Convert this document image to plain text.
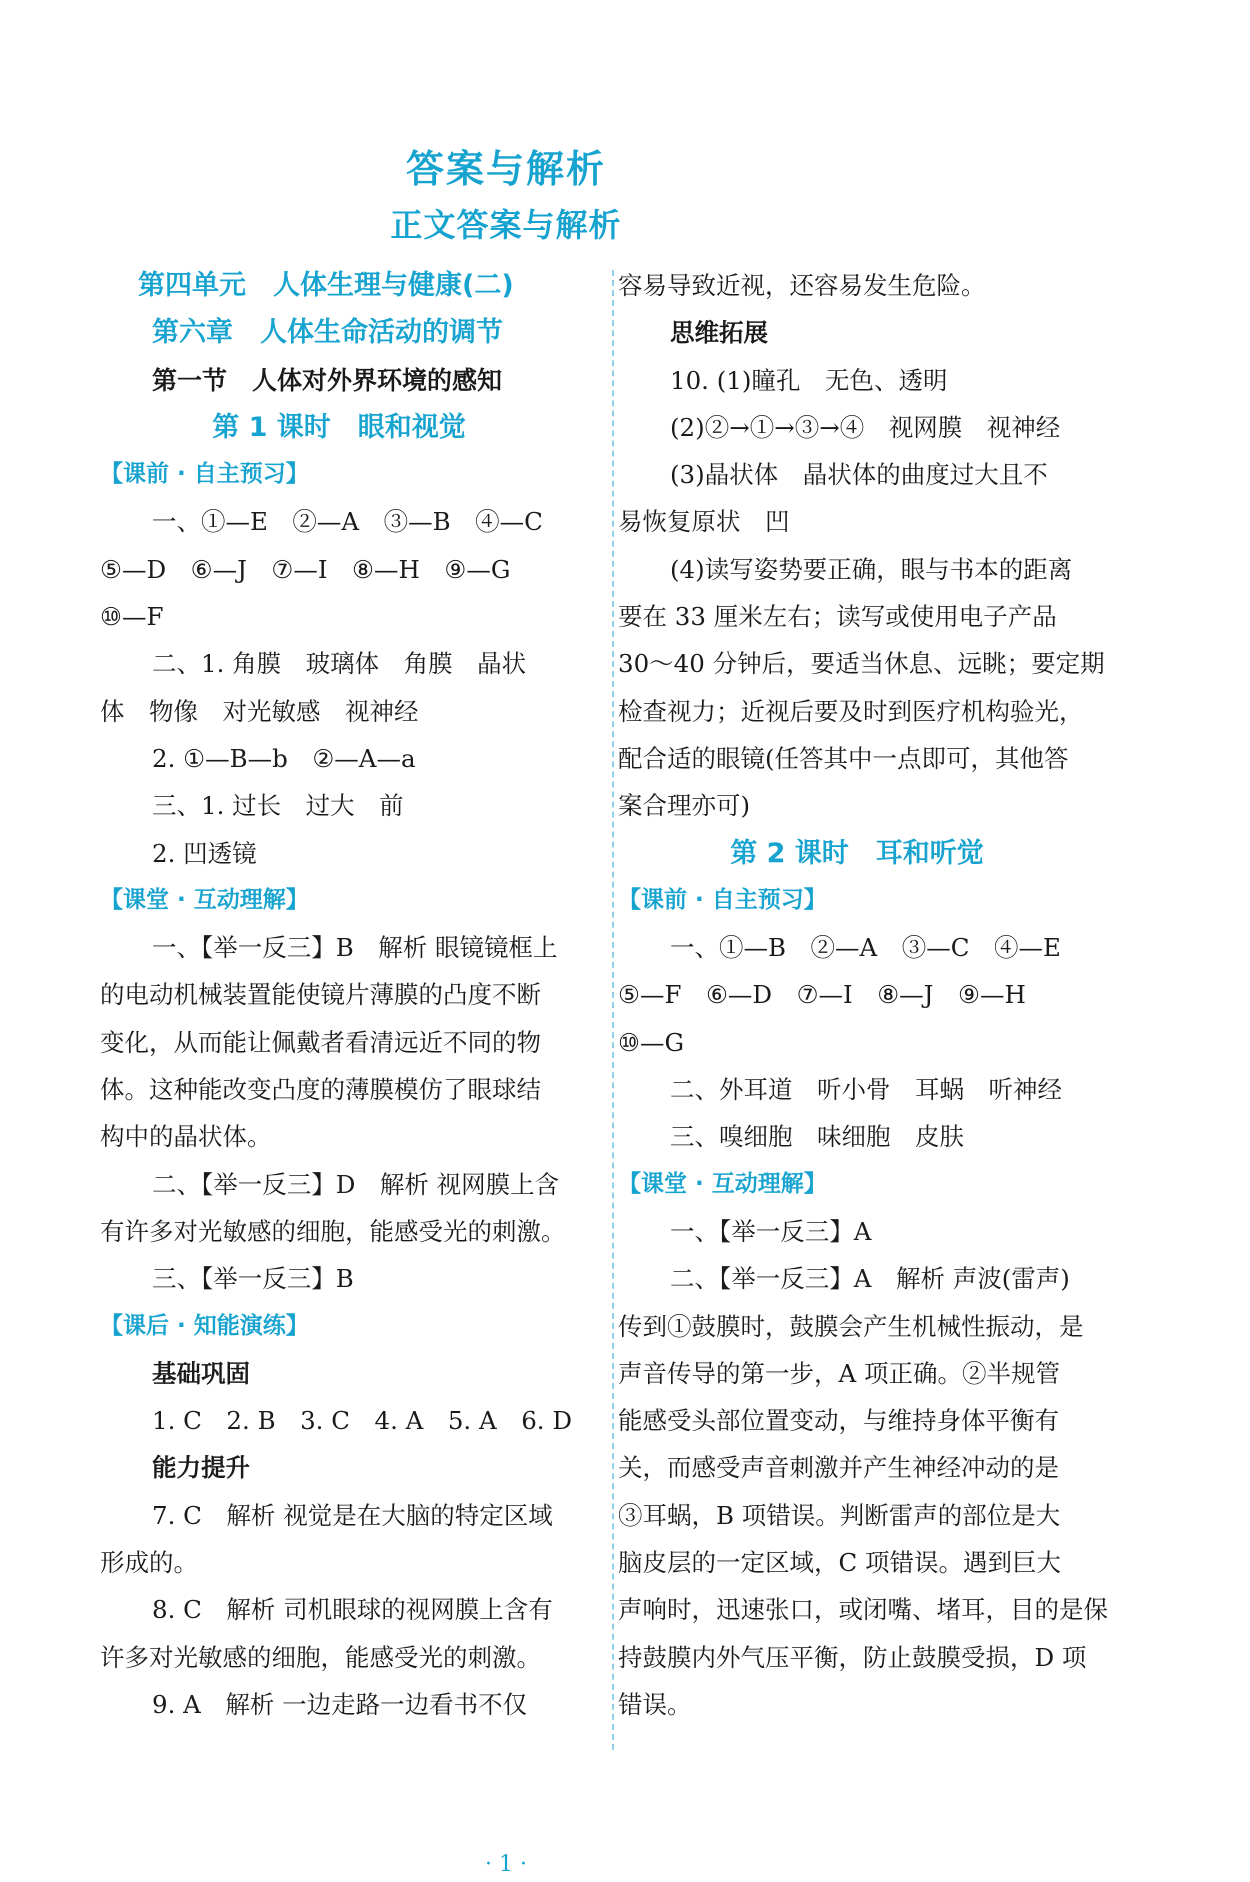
答案与解析
正文答案与解析
第四单元　人体生理与健康(二)
第六章　人体生命活动的调节
第一节　人体对外界环境的感知
第 1 课时　眼和视觉
【课前 · 自主预习】
一、①—E　②—A　③—B　④—C
⑤—D　⑥—J　⑦—I　⑧—H　⑨—G
⑩—F
二、1. 角膜　玻璃体　角膜　晶状
体　物像　对光敏感　视神经
2. ①—B—b　②—A—a
三、1. 过长　过大　前
2. 凹透镜
【课堂 · 互动理解】
一、【举一反三】B　解析 眼镜镜框上
的电动机械装置能使镜片薄膜的凸度不断
变化，从而能让佩戴者看清远近不同的物
体。这种能改变凸度的薄膜模仿了眼球结
构中的晶状体。
二、【举一反三】D　解析 视网膜上含
有许多对光敏感的细胞，能感受光的刺激。
三、【举一反三】B
【课后 · 知能演练】
基础巩固
1. C　2. B　3. C　4. A　5. A　6. D
能力提升
7. C　解析 视觉是在大脑的特定区域
形成的。
8. C　解析 司机眼球的视网膜上含有
许多对光敏感的细胞，能感受光的刺激。
9. A　解析 一边走路一边看书不仅
容易导致近视，还容易发生危险。
思维拓展
10. (1)瞳孔　无色、透明
(2)②→①→③→④　视网膜　视神经
(3)晶状体　晶状体的曲度过大且不
易恢复原状　凹
(4)读写姿势要正确，眼与书本的距离
要在 33 厘米左右；读写或使用电子产品
30～40 分钟后，要适当休息、远眺；要定期
检查视力；近视后要及时到医疗机构验光，
配合适的眼镜(任答其中一点即可，其他答
案合理亦可)
第 2 课时　耳和听觉
【课前 · 自主预习】
一、①—B　②—A　③—C　④—E
⑤—F　⑥—D　⑦—I　⑧—J　⑨—H
⑩—G
二、外耳道　听小骨　耳蜗　听神经
三、嗅细胞　味细胞　皮肤
【课堂 · 互动理解】
一、【举一反三】A
二、【举一反三】A　解析 声波(雷声)
传到①鼓膜时，鼓膜会产生机械性振动，是
声音传导的第一步，A 项正确。②半规管
能感受头部位置变动，与维持身体平衡有
关，而感受声音刺激并产生神经冲动的是
③耳蜗，B 项错误。判断雷声的部位是大
脑皮层的一定区域，C 项错误。遇到巨大
声响时，迅速张口，或闭嘴、堵耳，目的是保
持鼓膜内外气压平衡，防止鼓膜受损，D 项
错误。
· 1 ·
